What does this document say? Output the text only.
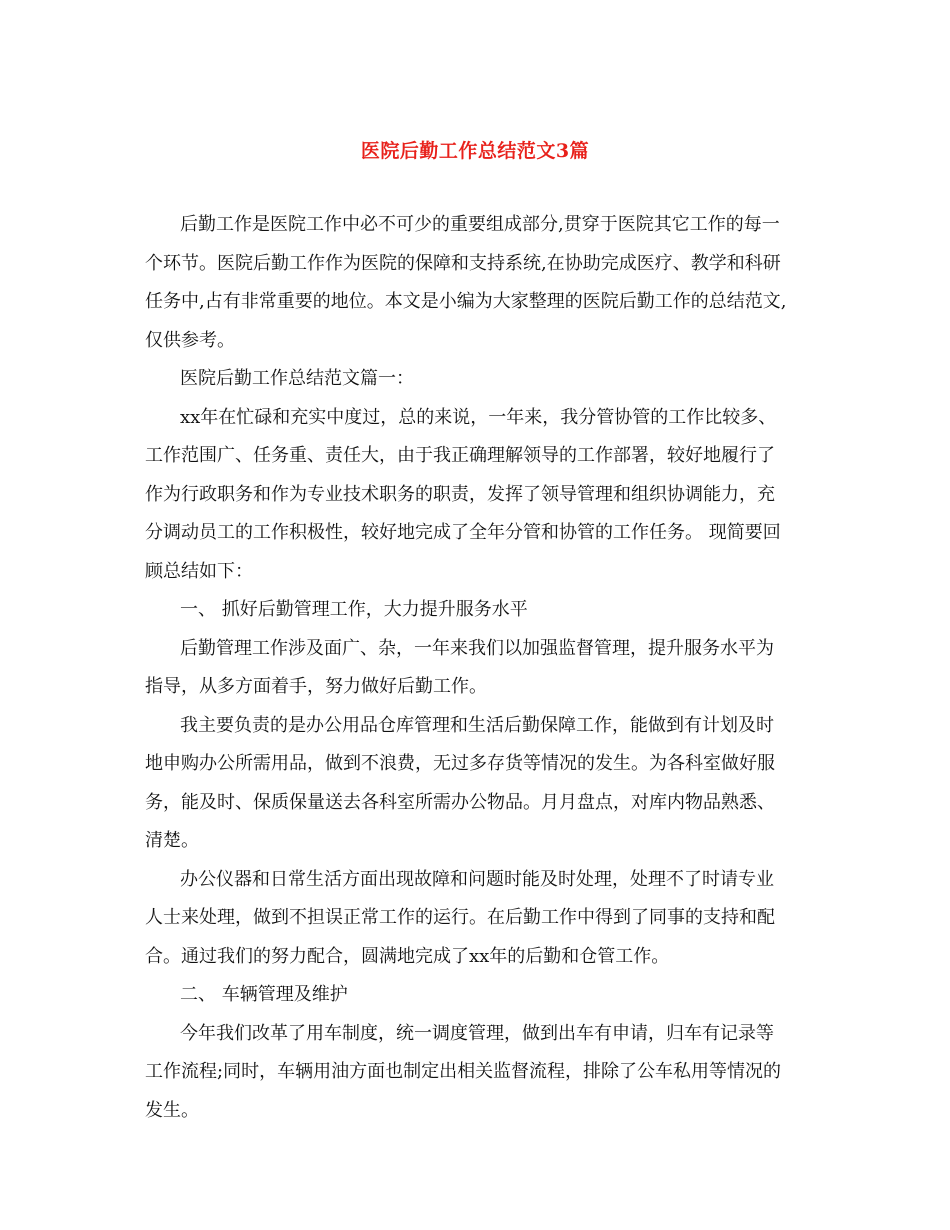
医院后勤工作总结范文3篇

后勤工作是医院工作中必不可少的重要组成部分,贯穿于医院其它工作的每一

个环节。医院后勤工作作为医院的保障和支持系统,在协助完成医疗、教学和科研

任务中,占有非常重要的地位。本文是小编为大家整理的医院后勤工作的总结范文,

仅供参考。

医院后勤工作总结范文篇一：

xx年在忙碌和充实中度过，总的来说，一年来，我分管协管的工作比较多、

工作范围广、任务重、责任大，由于我正确理解领导的工作部署，较好地履行了

作为行政职务和作为专业技术职务的职责，发挥了领导管理和组织协调能力，充

分调动员工的工作积极性，较好地完成了全年分管和协管的工作任务。 现简要回

顾总结如下：

一、 抓好后勤管理工作，大力提升服务水平

后勤管理工作涉及面广、杂，一年来我们以加强监督管理，提升服务水平为

指导，从多方面着手，努力做好后勤工作。

我主要负责的是办公用品仓库管理和生活后勤保障工作，能做到有计划及时

地申购办公所需用品，做到不浪费，无过多存货等情况的发生。为各科室做好服

务，能及时、保质保量送去各科室所需办公物品。月月盘点，对库内物品熟悉、

清楚。

办公仪器和日常生活方面出现故障和问题时能及时处理，处理不了时请专业

人士来处理，做到不担误正常工作的运行。在后勤工作中得到了同事的支持和配

合。通过我们的努力配合，圆满地完成了xx年的后勤和仓管工作。

二、 车辆管理及维护

今年我们改革了用车制度，统一调度管理，做到出车有申请，归车有记录等

工作流程;同时，车辆用油方面也制定出相关监督流程，排除了公车私用等情况的

发生。
